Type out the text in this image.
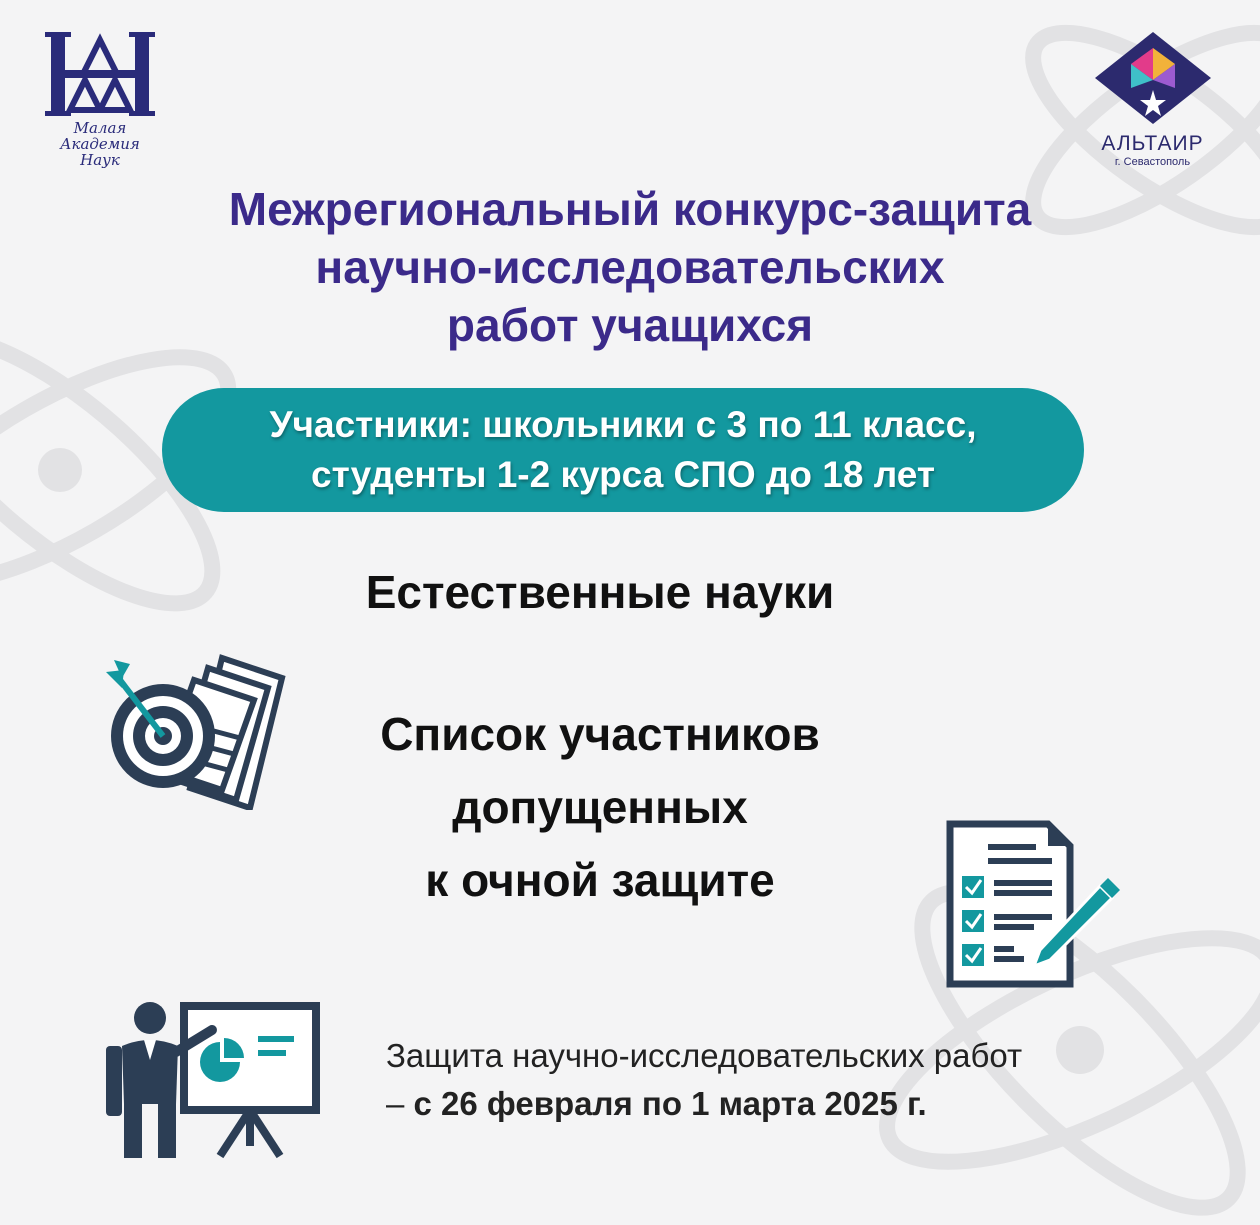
Малая
Академия
Наук
АЛЬТАИР
г. Севастополь
Межрегиональный конкурс-защита
научно-исследовательских
работ учащихся
Участники: школьники с 3 по 11 класс,
студенты 1-2 курса СПО до 18 лет
Естественные науки
Список участников
допущенных
к очной защите
Защита научно-исследовательских работ
– с 26 февраля по 1 марта 2025 г.
